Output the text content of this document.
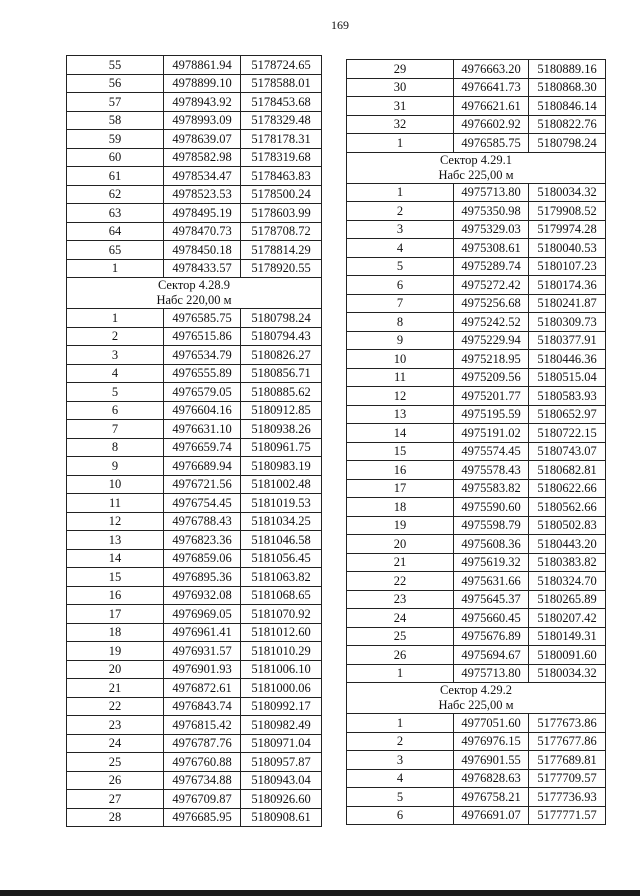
169
55	4978861.94	5178724.65
56	4978899.10	5178588.01
57	4978943.92	5178453.68
58	4978993.09	5178329.48
59	4978639.07	5178178.31
60	4978582.98	5178319.68
61	4978534.47	5178463.83
62	4978523.53	5178500.24
63	4978495.19	5178603.99
64	4978470.73	5178708.72
65	4978450.18	5178814.29
1	4978433.57	5178920.55

Сектор 4.28.9
Набс 220,00 м		

1	4976585.75	5180798.24
2	4976515.86	5180794.43
3	4976534.79	5180826.27
4	4976555.89	5180856.71
5	4976579.05	5180885.62
6	4976604.16	5180912.85
7	4976631.10	5180938.26
8	4976659.74	5180961.75
9	4976689.94	5180983.19
10	4976721.56	5181002.48
11	4976754.45	5181019.53
12	4976788.43	5181034.25
13	4976823.36	5181046.58
14	4976859.06	5181056.45
15	4976895.36	5181063.82
16	4976932.08	5181068.65
17	4976969.05	5181070.92
18	4976961.41	5181012.60
19	4976931.57	5181010.29
20	4976901.93	5181006.10
21	4976872.61	5181000.06
22	4976843.74	5180992.17
23	4976815.42	5180982.49
24	4976787.76	5180971.04
25	4976760.88	5180957.87
26	4976734.88	5180943.04
27	4976709.87	5180926.60
28	4976685.95	5180908.61
29	4976663.20	5180889.16
30	4976641.73	5180868.30
31	4976621.61	5180846.14
32	4976602.92	5180822.76
1	4976585.75	5180798.24

Сектор 4.29.1
Набс 225,00 м		

1	4975713.80	5180034.32
2	4975350.98	5179908.52
3	4975329.03	5179974.28
4	4975308.61	5180040.53
5	4975289.74	5180107.23
6	4975272.42	5180174.36
7	4975256.68	5180241.87
8	4975242.52	5180309.73
9	4975229.94	5180377.91
10	4975218.95	5180446.36
11	4975209.56	5180515.04
12	4975201.77	5180583.93
13	4975195.59	5180652.97
14	4975191.02	5180722.15
15	4975574.45	5180743.07
16	4975578.43	5180682.81
17	4975583.82	5180622.66
18	4975590.60	5180562.66
19	4975598.79	5180502.83
20	4975608.36	5180443.20
21	4975619.32	5180383.82
22	4975631.66	5180324.70
23	4975645.37	5180265.89
24	4975660.45	5180207.42
25	4975676.89	5180149.31
26	4975694.67	5180091.60
1	4975713.80	5180034.32

Сектор 4.29.2
Набс 225,00 м		

1	4977051.60	5177673.86
2	4976976.15	5177677.86
3	4976901.55	5177689.81
4	4976828.63	5177709.57
5	4976758.21	5177736.93
6	4976691.07	5177771.57
